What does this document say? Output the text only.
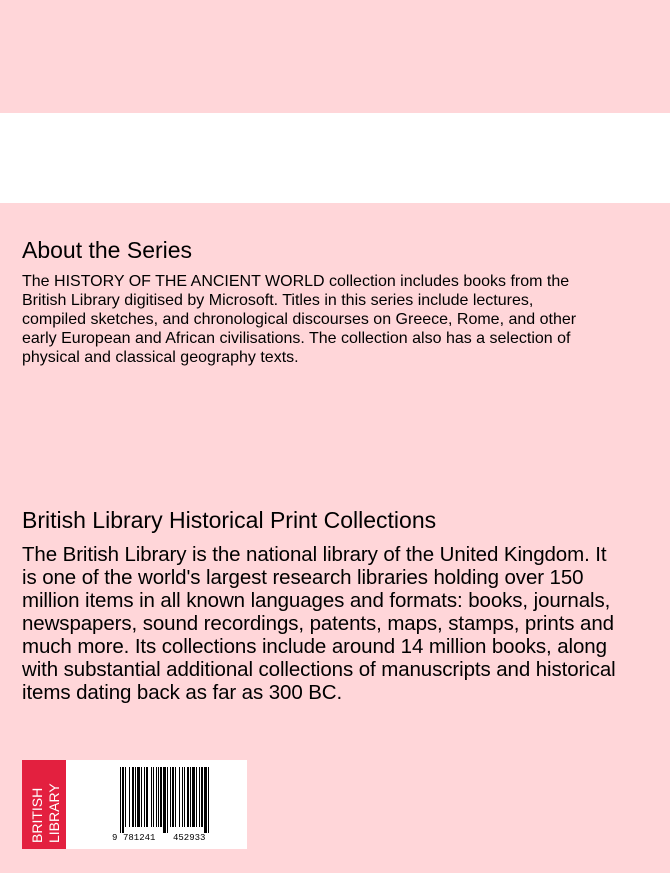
About the Series

The HISTORY OF THE ANCIENT WORLD collection includes books from the
British Library digitised by Microsoft. Titles in this series include lectures,
compiled sketches, and chronological discourses on Greece, Rome, and other
early European and African civilisations. The collection also has a selection of
physical and classical geography texts.

British Library Historical Print Collections

The British Library is the national library of the United Kingdom. It
is one of the world's largest research libraries holding over 150
million items in all known languages and formats: books, journals,
newspapers, sound recordings, patents, maps, stamps, prints and
much more. Its collections include around 14 million books, along
with substantial additional collections of manuscripts and historical
items dating back as far as 300 BC.

BRITISH LIBRARY	9 781241 452933
